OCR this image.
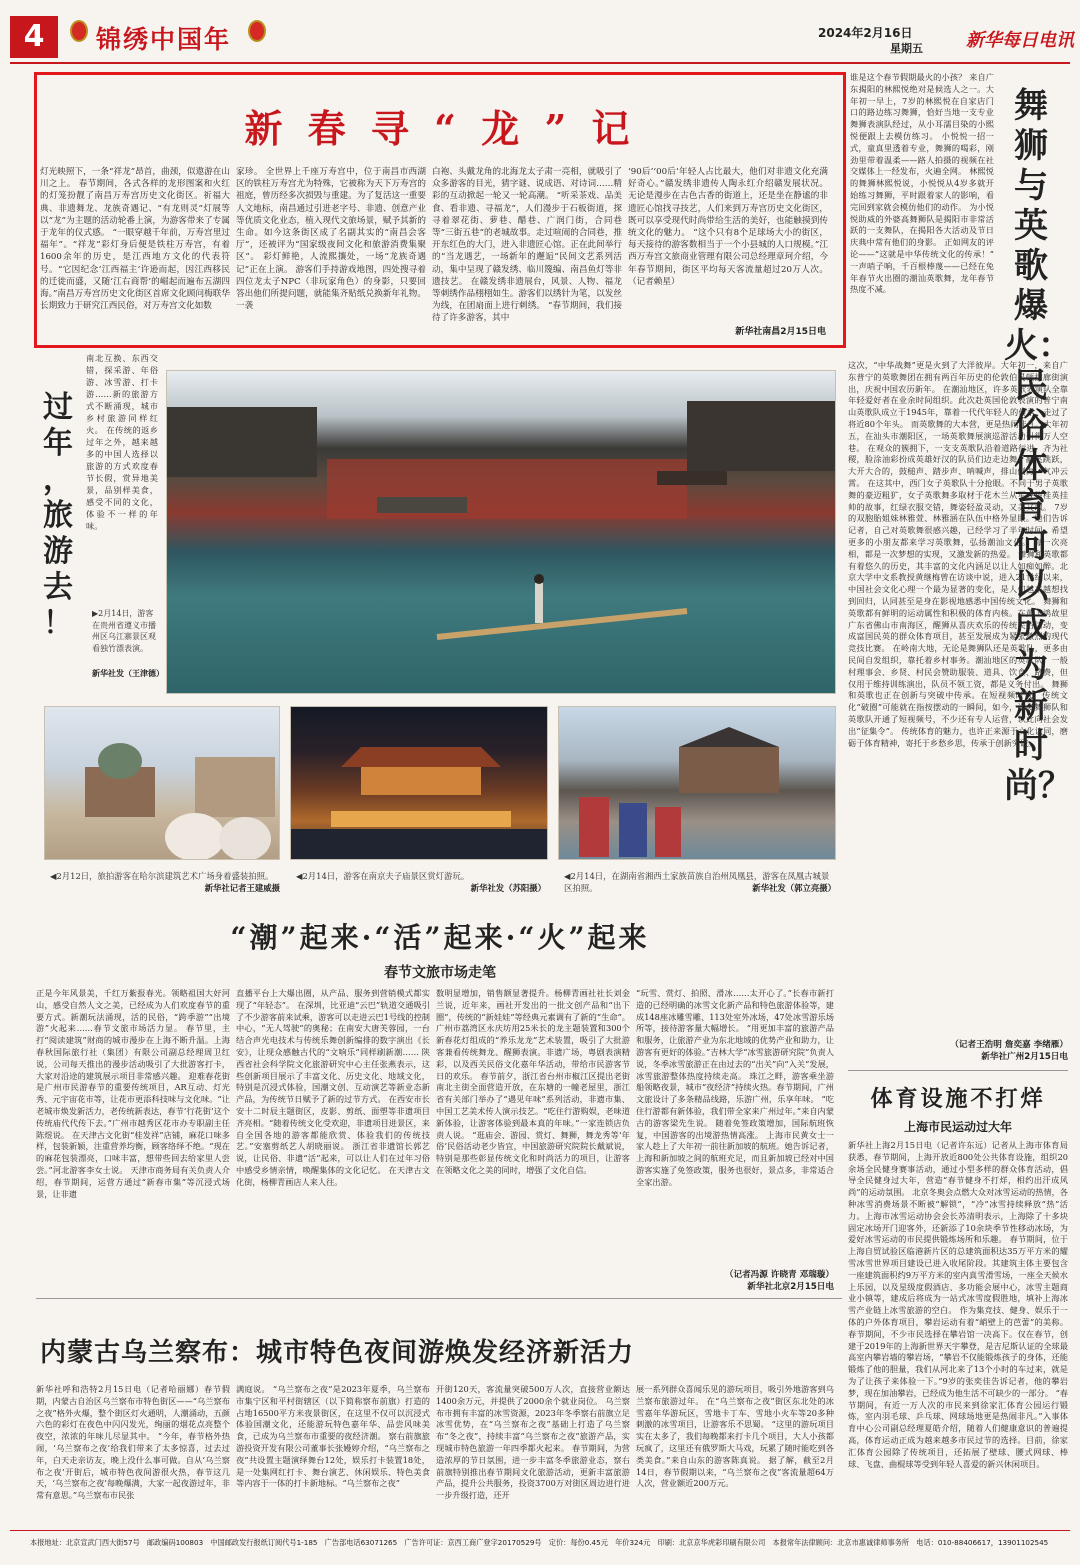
4	锦绣中国年	2024年2月16日
星期五 新华每日电讯
新 春 寻 “ 龙 ” 记
灯光映照下，一条“祥龙”昂首，曲颈，似遨游在山川之上。 春节期间，各式各样的龙形图案和火红的灯笼扮靓了南昌万寿宫历史文化街区。祈福大典、非遗舞龙、龙族奇遇记、“有龙则灵”灯展等以“龙”为主题的活动轮番上演，为游客带来了专属于龙年的仪式感。 “一眼穿越千年前，万寿宫里过福年”。“祥龙”彩灯身后便是铁柱万寿宫，有着1600余年的历史，是江西地方文化的代表符号。“它因纪念‘江西福主’许逊而起，因江西移民的迁徙而盛，又随‘江右商帮’的崛起而遍布五湖四海。”南昌万寿宫历史文化街区首席文化顾问梅联华长期致力于研究江西民俗，对万寿宫文化如数
家珍。 全世界上千座万寿宫中，位于南昌市西湖区的铁柱万寿宫尤为特殊，它被称为天下万寿宫的祖庭，曾历经多次损毁与重建。为了复活这一重要人文地标，南昌通过引进老字号、非遗、创意产业等优质文化业态，植入现代文旅场景，赋予其新的生命。如今这条街区成了名副其实的“南昌会客厅”，还被评为“国家级夜间文化和旅游消费集聚区”。 彩灯鲜艳，人流熙攘处，一场“龙族奇遇记”正在上演。 游客们手持游戏地图，四处搜寻着四位龙太子NPC（非玩家角色）的身影，只要回答出他们所提问题，就能集齐贴纸兑换新年礼物。一袭
白袍、头戴龙角的北海龙太子肃一亮相，就吸引了众多游客的目光，猜字谜、说成语、对诗词……精彩的互动掀起一轮又一轮高潮。 “听采茶戏、品美食、看非遗、寻福龙”，人们漫步于石板街道，探寻着翠花街、萝巷、醋巷、广润门街，合同巷等“三街五巷”的老城故事。走过喧闹的合同巷，推开东红色的大门，进入非遗匠心馆。正在此间举行的“当龙遇艺，一场新年的邂逅”民间文艺系列活动，集中呈现了赣发绣、临川篾编、南昌鱼灯等非遗技艺。 在赣发绣非遗展台，风景、人物、福龙等刺绣作品栩栩如生。游客们以绣针为笔，以发丝为线，在团扇面上进行刺绣。 “春节期间，我们接待了许多游客，其中
‘90后’‘00后’年轻人占比最大，他们对非遗文化充满好奇心。”赣发绣非遗传人陶永红介绍赣发展状况。 无论是漫步在古色古香的街道上，还是坐在静谧的非遗匠心馆找寻技艺，人们来到万寿宫历史文化街区，既可以享受现代时尚带给生活的美好，也能触摸到传统文化的魅力。 “这个只有8个足球场大小的街区，每天接待的游客数相当于一个小县城的人口规模。”江西万寿宫文旅商业管理有限公司总经理章珂介绍，今年春节期间，街区平均每天客流量超过20万人次。（记者赖星）
新华社南昌2月15日电
过 年 ， 旅 游 去 ！
南北互换、东西交错，探采游、年俗游、冰雪游、打卡游……新的旅游方式不断涌现，城市乡村旅游同样红火。 在传统的返乡过年之外，越来越多的中国人选择以旅游的方式欢度春节长假，赏异地美景，品别样美食，感受不同的文化，体验不一样的年味。
▶2月14日，游客在贵州省遵义市播州区乌江寨景区观看独竹漂表演。
新华社发（王津德）
◀2月12日，旅拍游客在哈尔滨建筑艺术广场身着盛装拍照。
新华社记者王建威摄
◀2月14日，游客在南京夫子庙景区赏灯游玩。
新华社发（苏阳摄）
◀2月14日，在湖南省湘西土家族苗族自治州凤凰县，游客在凤凰古城景区拍照。	新华社发（郭立亮摄）
“潮”起来·“活”起来·“火”起来
春节文旅市场走笔
正是今年风景美，千红万紫报春光。领略祖国大好河山，感受自然人文之美，已经成为人们欢度春节的重要方式。新潮玩法涌现，活的民俗，“跨季游”“出境游”火起来……春节文旅市场活力显。 春节里，主打“阅读建筑”财商的城市漫步在上海不断升温。上海春秋国际旅行社（集团）有限公司副总经理周卫红说，公司每天推出的漫步活动吸引了大批游客打卡，大家对沿途的建筑展示项目非常感兴趣。 迎难春花街是广州市民游春节的重要传统项目，AR互动、灯光秀、元宇宙花市等，让花市更添科技味与文化味。“让老城市焕发新活力，老传统新表达，春节‘行花街’这个传统庙代代传下去。”广州市越秀区花市办专职副主任陈煜说。 在天津古文化街“桂发祥”店铺，麻花口味多样，包装新颖，注重营养均衡，顾客络绎不绝。“现在的麻花包装漂亮，口味丰富，想带些回去给家里人尝尝。”河北游客李女士说。 天津市商务局有关负责人介绍，春节期间，运营方通过“新春市集”等沉浸式场景，让非遗
直播平台上大爆出圈，从产品、服务到营销模式都实现了“年轻态”。 在深圳，比亚迪“云巴”轨道交通吸引了不少游客前来试乘，游客可以走进云巴1号线的控制中心，“无人驾驶”的奥秘；在南安大唐芙蓉园，一台结合声光电技术与传统乐舞创新编排的数字演出《长安》，让现众感触古代的“文响乐”同样刷新潮…… 陕西省社会科学院文化旅游研究中心主任张燕表示，这些创新项目展示了丰富文化、历史文化、地域文化，特别是沉浸式体验，国潮文创、互动演艺等新业态新产品，为传统节日赋予了新的过节方式。 在西安市长安十二时辰主题街区，皮影、剪纸、面塑等非遗项目齐亮相。“随着传统文化受欢迎，非遗项目进景区，来自全国各地的游客都能欣赏、体验我们的传统技艺。”安塞剪纸艺人胡晓丽说。 浙江省非遗馆长郭艺说，让民俗、非遗“活”起来，可以让人们在过年习俗中感受乡情亲情，唤醒集体的文化记忆。 在天津古文化街，杨柳青画店人来人往。
数明显增加，销售额显著提升。杨柳青画社社长刘金兰说，近年来，画社开发出的一批文创产品和“出下圈”，传统的“新娃娃”等经典元素调有了新的“生命”。 广州市荔湾区永庆坊用25米长的龙主题装置和300个新春花灯组成的“养乐龙龙”艺术装置，吸引了大批游客兼看传统舞龙、醒狮表演。非遗广场，粤剧表演精彩，以及西关民俗文化嘉年华活动，带给市民游客节日的欢乐。 春节前夕，浙江省台州市椒江区提出老街南北主街全面营造开放，在东塘的一幢老屋里，浙江省有关部门举办了“遇见年味”系列活动，非遗市集、中国工艺美术传人演示技艺。“吃住行游购娱，老味道新体验，让游客体验到最本真的年味。”一家连锁店负责人说。 “逛庙会、游园、赏灯、舞狮，舞龙秀等‘年俗’民俗活动老少皆宜，中国旅游研究院院长戴斌说，特别是那些彰显传统文化和时尚活力的项目，让游客在领略文化之美的同时，增强了文化自信。
“玩雪、赏灯、拍照、滑冰……太开心了。”长春市新打造的已经明确的冰雪文化新产品和特色旅游体验等，建成148座冰雕雪雕、113处室外冰场，47处冰雪游乐场所等，接待游客量大幅增长。 “用更加丰富的旅游产品和服务，让旅游产业为东北地域的优势产业和助力，让游客有更好的体验。”吉林大学“冰雪旅游研究院”负责人说，冬季冰雪旅游正在由过去的“出关”向“入关”发展，冰雪旅游整体热度持续走高。 珠江之畔，游客乘坐游船领略夜景，城市“夜经济”持续火热。春节期间，广州文旅设计了多条精品线路，乐游广州，乐享年味。 “吃住行游都有新体验，我们带全家来广州过年。”来自内蒙古的游客梁先生说。 随着免签政策增加，国际航班恢复，中国游客的出境游热情高涨。 上海市民黄女士一家人趁上了大年初一前往新加坡的航班。她告诉记者，上海和新加坡之间的航班充足，而且新加坡已经对中国游客实施了免签政策，服务也很好，景点多，非常适合全家出游。
（记者冯源 许晓青 邓瑞璇）
新华社北京2月15日电
谁是这个春节假期最火的小孩？ 来自广东揭阳的林熙悦绝对是候选人之一。大年初一早上，7岁的林熙悦在自家店门口的路边练习舞狮，恰好当地一支专业舞狮表演队经过，从小耳濡目染的小熙悦便跟上去模仿练习。 小悦悦一招一式，童真里透着专业，舞狮的喝彩，刚劲里带着温柔——路人拍摄的视频在社交媒体上一经发布，火遍全网。 林熙悦的舞狮林熙悦说，小悦悦从4岁多就开始练习舞狮，平时跟着家人的影响，看完回到家就会模仿他们的动作。 为小悦悦助威的外婆高舞狮队是揭阳市非常活跃的一支舞队，在揭阳各大活动及节日庆典中常有他们的身影。 正如网友的评论——“这就是中华传统文化的传承！” 一声哨子响，千百根棒蔑——已经在兔年春节火出圈的潮汕英歌舞，龙年春节热度不减。
舞狮与英歌爆火：民俗体育何以成为新时尚？
这次，“中华战舞”更是火到了大洋彼岸。大年初一，来自广东普宁的英歌舞团在拥有两百年历史的伦敦伯灵顿拱廊街演出，庆祝中国农历新年。 在潮汕地区，许多英歌表演队全靠年轻爱好者在业余时间组织。此次赴英国伦敦表演的普宁南山英歌队成立于1945年，靠着一代代年轻人的传承，走过了将近80个年头。 而英歌舞的大本营，更是热闹非凡。大年初五，在汕头市潮阳区，一场英歌舞展演巡游活动引得万人空巷。 在观众的簇拥下，一支支英歌队沿着道路行进，齐为社稷，脸涂油彩扮成英雄好汉的队员们边走边舞，翻飞跳跃，大开大合的，鼓槌声、踏步声、呐喊声，排山倒海，气冲云霄。 在这其中，西门女子英歌队十分抢眼。不同于男子英歌舞的豪迈粗犷，女子英歌舞多取材于花木兰从军或穆桂英挂帅的故事，红绿衣服交错，舞姿轻盈灵动，又美又飒。 7岁的双胞胎姐妹林雅萱、林雅涵在队伍中格外显眼。她们告诉记者，自己对英歌舞很感兴趣，已经学习了半年时间，希望更多的小朋友都来学习英歌舞，弘扬潮汕文化。 每一次亮相，都是一次梦想的实现，又激发新的热爱。 舞狮和英歌都有着悠久的历史，其丰富的文化内涵足以让人如痴如醉。北京大学中文系教授黄继梅曾在访谈中说，进入21世纪以来，中国社会文化心理一个最为显著的变化，是人们越来越想找到回归，认同甚至是身在影视地感悉中国传统文化。 舞狮和英歌都有鲜明的运动属性和积极的体育内核。在黄飞鸿故里广东省佛山市南海区，醒狮从喜庆欢乐的传统民俗活动，变成富国民英的群众体育项目，甚至发展成为紧张激烈的现代竞技比赛。 在岭南大地，无论是舞狮队还是英歌队，更多由民间自发组织，靠托着乡村事务。潮汕地区的英歌队，一般村理事会、乡贤、村民会赞助服装、道具、饮食、路费，但仅用于维持训练演出，队员不领工资，都是义务付出。 舞狮和英歌也正在创新与突破中传承。在短视频时代，传统文化“破圈”可能就在指按摆动的一瞬间，如今，许多舞狮队和英歌队开通了短视频号，不少还有专人运营，以此向社会发出“征集令”。 传统体育的魅力，也许正来源于文化认同，磨砺于体育精神，寄托于乡愁乡思，传承于创新突破。
（记者王浩明 詹奕嘉 李绪雁）
新华社广州2月15日电
体育设施不打烊
上海市民运动过大年
新华社上海2月15日电（记者许东远）记者从上海市体育局获悉，春节期间，上海开放近800处公共体育设施，组织20余场全民健身赛事活动，通过小型多样的群众体育活动，倡导全民健身过大年，营造“春节健身不打烊，相约出汗成风尚”的运动氛围。 北京冬奥会点燃大众对冰雪运动的热情，各种冰雪消费场景不断被“解锁”，“冷”冰雪持续释放“热”活力。上海市冰雪运动协会会长苏清明表示，上海除了十多块固定冰场开门迎客外，还新添了10余块季节性移动冰场，为爱好冰雪运动的市民提供锻炼场所和乐趣。 春节期间，位于上海自贸试验区临港新片区的总建筑面积达35万平方米的耀雪冰雪世界项目建设已进入收尾阶段。其建筑主体主要包含一座建筑面积约9万平方米的室内真雪滑雪场，一座全天候水上乐园，以及星级度假酒店、多功能会展中心，冰雪主题商业小镇等，建成后将成为一站式冰雪度假胜地，填补上海冰雪产业链上冰雪旅游的空白。 作为集竞技、健身、娱乐于一体的户外体育项目，攀岩运动有着“峭壁上的芭蕾”的美称。春节期间，不少市民选择在攀岩馆一决高下。仅在春节，创建于2019年的上海新世界天宇攀登，是吉尼斯认证的全球最高室内攀岩墙的攀岩场，“攀岩不仅能锻炼孩子的身体，还能锻炼了他的胆量，我们从河北来了13个小时的车过来，就是为了让孩子来体验一下。”9岁的张奕佳告诉记者，他的攀岩梦，现在加油攀岩，已经成为他生活不可缺少的一部分。 “春节期间，有近一万人次的市民来到徐家汇体育公园运行锻炼，室内羽毛球、乒乓球、网球场地更是热闹非凡。”入事体育中心公司副总经理夏皓介绍，随着人们健康意识的普遍提高，体育运动正成为越来越多市民过节的选择。目前，徐家汇体育公园除了传统项目，还拓展了壁球、腰式网球、棒球、飞盘、曲棍球等受到年轻人喜爱的新兴休闲项目。
内蒙古乌兰察布：城市特色夜间游焕发经济新活力
新华社呼和浩特2月15日电（记者哈丽娜）春节假期，内蒙古自治区乌兰察布市特色街区——“乌兰察布之夜”格外火爆，整个街区灯火通明，人潮涌动，五颜六色的彩灯在夜色中闪闪发光，绚丽的烟花点亮整个夜空，浓浓的年味儿尽显其中。 “今年，春节格外热闹，‘乌兰察布之夜’给我们带来了太多惊喜，过去过年，白天走亲访友，晚上没什么事可做。自从‘乌兰察布之夜’开街后，城市特色夜间游很火热，春节这几天，‘乌兰察布之夜’每晚爆满，大家一起夜游过年，非常有意思。”乌兰察布市民张
满庭说。 “乌兰察布之夜”是2023年夏季，乌兰察布市集宁区和平村街辖区（以下简称察布前旗）打造的占地16500平方米夜景街区，在这里不仅可以沉浸式体验国潮文化，还能游玩特色嘉年华、品尝风味美食，已成为乌兰察布市重要的夜经济潮。 察右前旗旅游投资开发有限公司董事长张嫚婷介绍，“乌兰察布之夜”共设置主题演绎舞台12处，娱乐打卡装置18处，是一处集网红打卡、舞台演艺、休闲娱乐、特色美食等内容于一体的打卡新地标。“乌兰察布之夜”
开街120天，客流量突破500万人次，直接营业额达1400余万元，并提供了2000余个就业岗位。 乌兰察布市拥有丰富的冰雪资源，2023年冬季察右前旗立足冰雪优势，在“乌兰察布之夜”基础上打造了乌兰察布“冬之夜”，持续丰富“乌兰察布之夜”旅游产品，实现城市特色旅游一年四季都火起来。 春节期间，为营造浓厚的节日氛围，进一步丰富冬季旅游业态，察右前旗特别推出春节期间文化旅游活动，更新丰富旅游产品，提升公共服务，投资3700万对街区周边进行进一步升级打造，还开
展一系列群众喜闻乐见的游玩项目，吸引外地游客到乌兰察布旅游过年。 在“乌兰察布之夜”街区东北处的冰雪嘉年华游玩区，雪地卡丁车、雪地小火车等20多种刺激的冰雪项目，让游客乐不思蜀。 “这里的游玩项目实在太多了，我们每晚都来打卡几个项目，大人小孩都玩疯了，这里还有俄罗斯大马戏，玩累了随时能吃到各类美食。”来自山东的游客陈真说。 据了解，截至2月14日，春节假期以来，“乌兰察布之夜”客流量超64万人次，营业额近200万元。
本报地址：北京宣武门西大街57号　邮政编码100803　中国邮政发行报纸订阅代号1-185　广告部电话63071265　广告许可证：京西工商广登字20170529号　定价：每份0.45元　年价324元　印刷：北京京华虎彩印刷有限公司　本报常年法律顾问：北京市惠诚律师事务所　电话：010-88406617，13901102545
